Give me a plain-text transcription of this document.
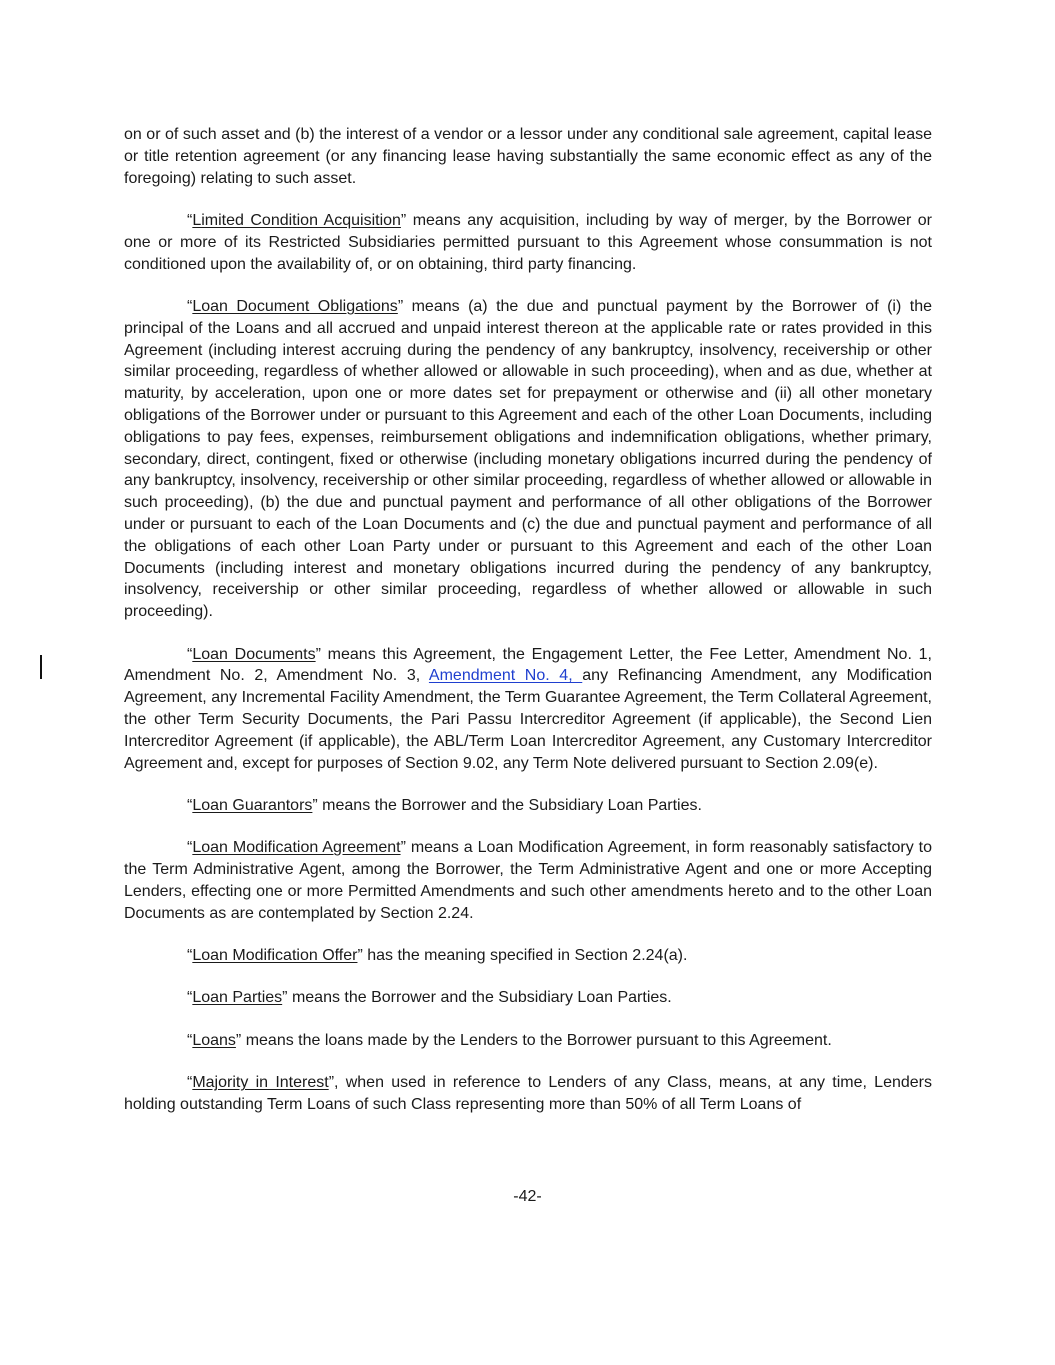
on or of such asset and (b) the interest of a vendor or a lessor under any conditional sale agreement, capital lease or title retention agreement (or any financing lease having substantially the same economic effect as any of the foregoing) relating to such asset.

“Limited Condition Acquisition” means any acquisition, including by way of merger, by the Borrower or one or more of its Restricted Subsidiaries permitted pursuant to this Agreement whose consummation is not conditioned upon the availability of, or on obtaining, third party financing.

“Loan Document Obligations” means (a) the due and punctual payment by the Borrower of (i) the principal of the Loans and all accrued and unpaid interest thereon at the applicable rate or rates provided in this Agreement (including interest accruing during the pendency of any bankruptcy, insolvency, receivership or other similar proceeding, regardless of whether allowed or allowable in such proceeding), when and as due, whether at maturity, by acceleration, upon one or more dates set for prepayment or otherwise and (ii) all other monetary obligations of the Borrower under or pursuant to this Agreement and each of the other Loan Documents, including obligations to pay fees, expenses, reimbursement obligations and indemnification obligations, whether primary, secondary, direct, contingent, fixed or otherwise (including monetary obligations incurred during the pendency of any bankruptcy, insolvency, receivership or other similar proceeding, regardless of whether allowed or allowable in such proceeding), (b) the due and punctual payment and performance of all other obligations of the Borrower under or pursuant to each of the Loan Documents and (c) the due and punctual payment and performance of all the obligations of each other Loan Party under or pursuant to this Agreement and each of the other Loan Documents (including interest and monetary obligations incurred during the pendency of any bankruptcy, insolvency, receivership or other similar proceeding, regardless of whether allowed or allowable in such proceeding).

“Loan Documents” means this Agreement, the Engagement Letter, the Fee Letter, Amendment No. 1, Amendment No. 2, Amendment No. 3, Amendment No. 4, any Refinancing Amendment, any Modification Agreement, any Incremental Facility Amendment, the Term Guarantee Agreement, the Term Collateral Agreement, the other Term Security Documents, the Pari Passu Intercreditor Agreement (if applicable), the Second Lien Intercreditor Agreement (if applicable), the ABL/Term Loan Intercreditor Agreement, any Customary Intercreditor Agreement and, except for purposes of Section 9.02, any Term Note delivered pursuant to Section 2.09(e).

“Loan Guarantors” means the Borrower and the Subsidiary Loan Parties.

“Loan Modification Agreement” means a Loan Modification Agreement, in form reasonably satisfactory to the Term Administrative Agent, among the Borrower, the Term Administrative Agent and one or more Accepting Lenders, effecting one or more Permitted Amendments and such other amendments hereto and to the other Loan Documents as are contemplated by Section 2.24.

“Loan Modification Offer” has the meaning specified in Section 2.24(a).

“Loan Parties” means the Borrower and the Subsidiary Loan Parties.

“Loans” means the loans made by the Lenders to the Borrower pursuant to this Agreement.

“Majority in Interest”, when used in reference to Lenders of any Class, means, at any time, Lenders holding outstanding Term Loans of such Class representing more than 50% of all Term Loans of

-42-
